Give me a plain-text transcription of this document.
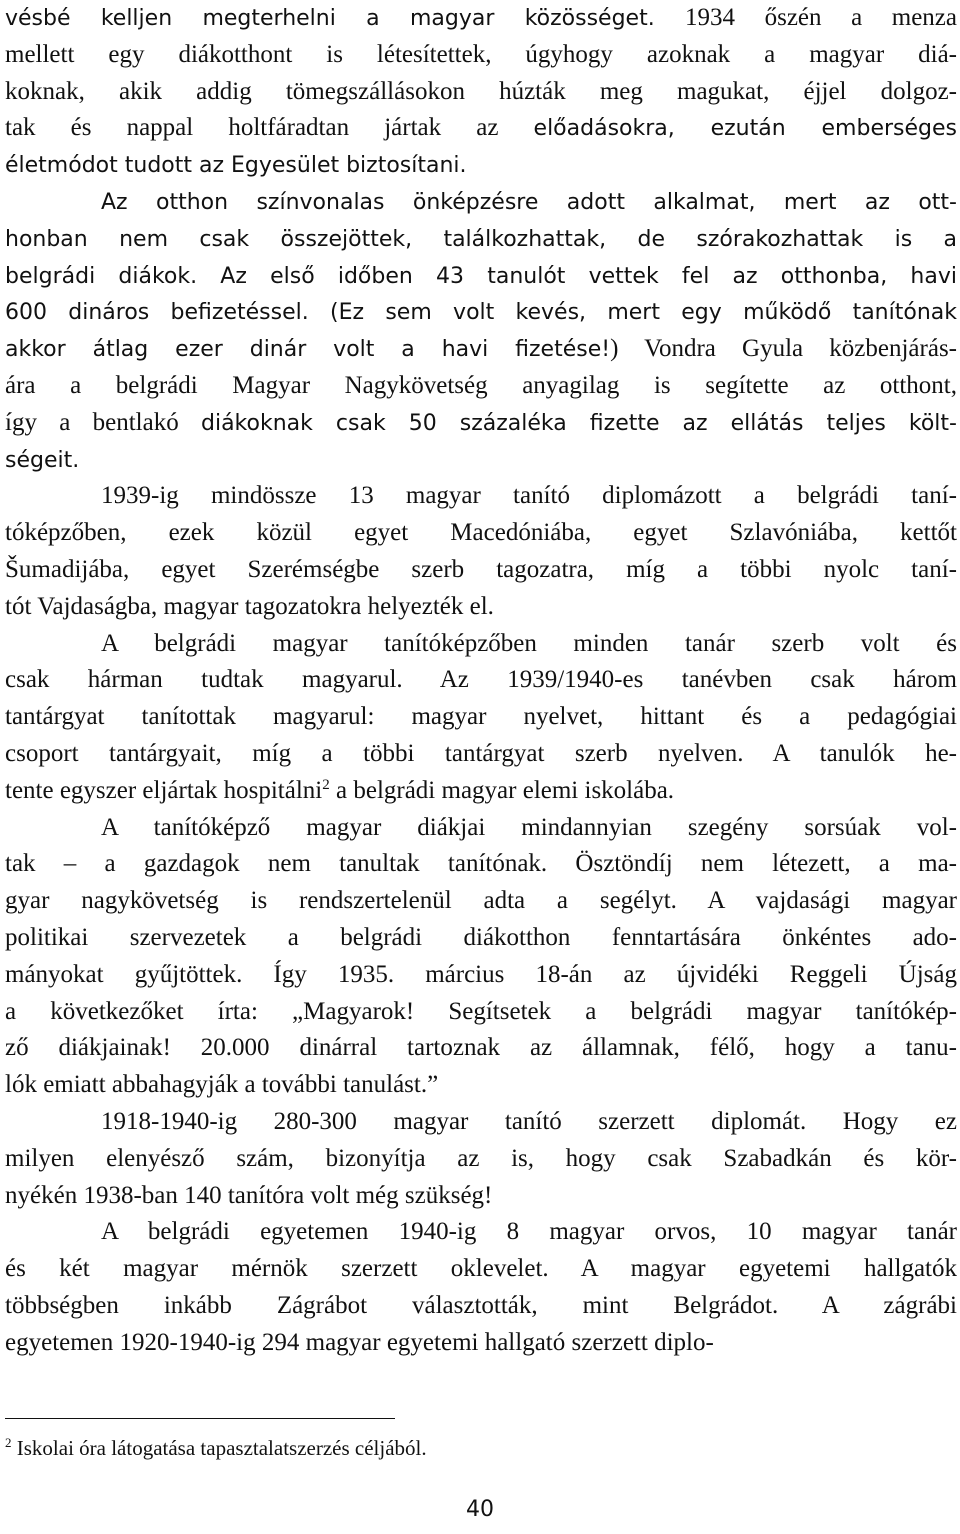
vésbé kelljen megterhelni a magyar közösséget. 1934 őszén a menza
mellett egy diákotthont is létesítettek, úgyhogy azoknak a magyar diá-
koknak, akik addig tömegszállásokon húzták meg magukat, éjjel dolgoz-
tak és nappal holtfáradtan jártak az előadásokra, ezután emberséges
életmódot tudott az Egyesület biztosítani.
Az otthon színvonalas önképzésre adott alkalmat, mert az ott-
honban nem csak összejöttek, találkozhattak, de szórakozhattak is a
belgrádi diákok. Az első időben 43 tanulót vettek fel az otthonba, havi
600 dináros befizetéssel. (Ez sem volt kevés, mert egy működő tanítónak
akkor átlag ezer dinár volt a havi fizetése!) Vondra Gyula közbenjárás-
ára a belgrádi Magyar Nagykövetség anyagilag is segítette az otthont,
így a bentlakó diákoknak csak 50 százaléka fizette az ellátás teljes költ-
ségeit.
1939-ig mindössze 13 magyar tanító diplomázott a belgrádi taní-
tóképzőben, ezek közül egyet Macedóniába, egyet Szlavóniába, kettőt
Šumadijába, egyet Szerémségbe szerb tagozatra, míg a többi nyolc taní-
tót Vajdaságba, magyar tagozatokra helyezték el.
A belgrádi magyar tanítóképzőben minden tanár szerb volt és
csak hárman tudtak magyarul. Az 1939/1940-es tanévben csak három
tantárgyat tanítottak magyarul: magyar nyelvet, hittant és a pedagógiai
csoport tantárgyait, míg a többi tantárgyat szerb nyelven. A tanulók he-
tente egyszer eljártak hospitálni$^2$ a belgrádi magyar elemi iskolába.
A tanítóképző magyar diákjai mindannyian szegény sorsúak vol-
tak – a gazdagok nem tanultak tanítónak. Ösztöndíj nem létezett, a ma-
gyar nagykövetség is rendszertelenül adta a segélyt. A vajdasági magyar
politikai szervezetek a belgrádi diákotthon fenntartására önkéntes ado-
mányokat gyűjtöttek. Így 1935. március 18-án az újvidéki Reggeli Újság
a következőket írta: „Magyarok! Segítsetek a belgrádi magyar tanítókép-
ző diákjainak! 20.000 dinárral tartoznak az államnak, félő, hogy a tanu-
lók emiatt abbahagyják a további tanulást.”
1918-1940-ig 280-300 magyar tanító szerzett diplomát. Hogy ez
milyen elenyésző szám, bizonyítja az is, hogy csak Szabadkán és kör-
nyékén 1938-ban 140 tanítóra volt még szükség!
A belgrádi egyetemen 1940-ig 8 magyar orvos, 10 magyar tanár
és két magyar mérnök szerzett oklevelet. A magyar egyetemi hallgatók
többségben inkább Zágrábot választották, mint Belgrádot. A zágrábi
egyetemen 1920-1940-ig 294 magyar egyetemi hallgató szerzett diplo-
$^2$ Iskolai óra látogatása tapasztalatszerzés céljából.
40
